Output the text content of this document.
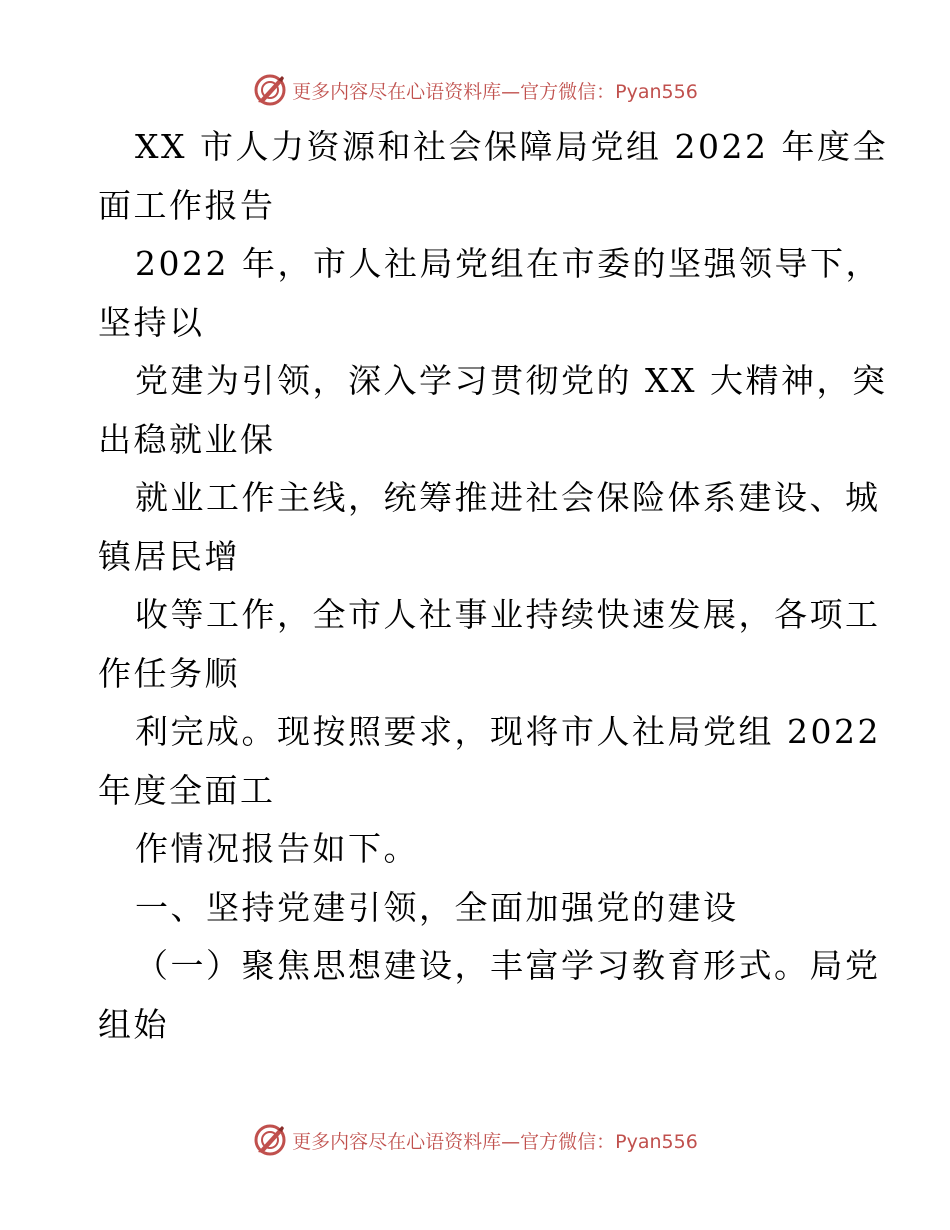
更多内容尽在心语资料库—官方微信：Pyan556
XX 市人力资源和社会保障局党组 2022 年度全
面工作报告
2022 年，市人社局党组在市委的坚强领导下，
坚持以
党建为引领，深入学习贯彻党的 XX 大精神，突
出稳就业保
就业工作主线，统筹推进社会保险体系建设、城
镇居民增
收等工作，全市人社事业持续快速发展，各项工
作任务顺
利完成。现按照要求，现将市人社局党组 2022
年度全面工
作情况报告如下。
一、坚持党建引领，全面加强党的建设
（一）聚焦思想建设，丰富学习教育形式。局党
组始
更多内容尽在心语资料库—官方微信：Pyan556
